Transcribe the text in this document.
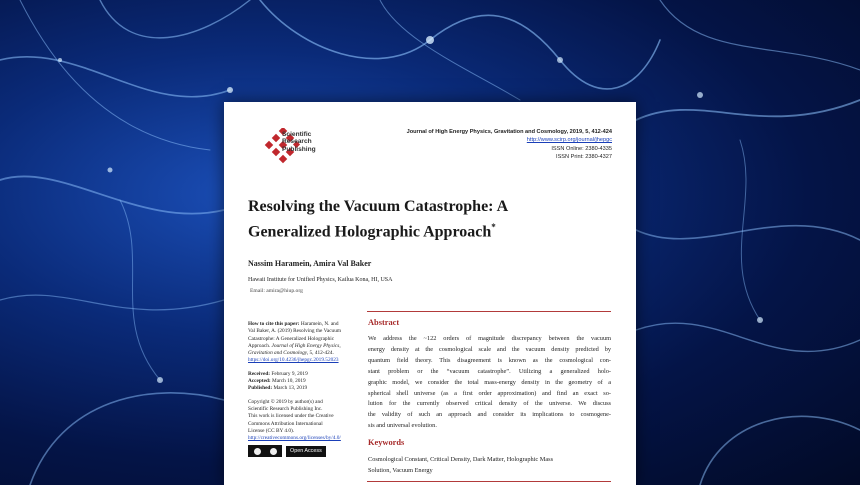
Scientific
Research
Publishing
Journal of High Energy Physics, Gravitation and Cosmology, 2019, 5, 412-424
http://www.scirp.org/journal/jhepgc
ISSN Online: 2380-4335
ISSN Print: 2380-4327
Resolving the Vacuum Catastrophe: A
Generalized Holographic Approach*
Nassim Haramein, Amira Val Baker
Hawaii Institute for Unified Physics, Kailua Kona, HI, USA
Email: amira@hiup.org
How to cite this paper: Haramein, N. and
Val Baker, A. (2019) Resolving the Vacuum
Catastrophe: A Generalized Holographic
Approach. Journal of High Energy Physics,
Gravitation and Cosmology, 5, 412-424.
https://doi.org/10.4236/jhepgc.2019.52023
Received: February 9, 2019
Accepted: March 10, 2019
Published: March 13, 2019
Copyright © 2019 by author(s) and
Scientific Research Publishing Inc.
This work is licensed under the Creative
Commons Attribution International
License (CC BY 4.0).
http://creativecommons.org/licenses/by/4.0/
Open Access
Abstract
We address the ~122 orders of magnitude discrepancy between the vacuum
energy density at the cosmological scale and the vacuum density predicted by
quantum field theory. This disagreement is known as the cosmological con-
stant problem or the “vacuum catastrophe”. Utilizing a generalized holo-
graphic model, we consider the total mass-energy density in the geometry of a
spherical shell universe (as a first order approximation) and find an exact so-
lution for the currently observed critical density of the universe. We discuss
the validity of such an approach and consider its implications to cosmogene-
sis and universal evolution.
Keywords
Cosmological Constant, Critical Density, Dark Matter, Holographic Mass
Solution, Vacuum Energy
